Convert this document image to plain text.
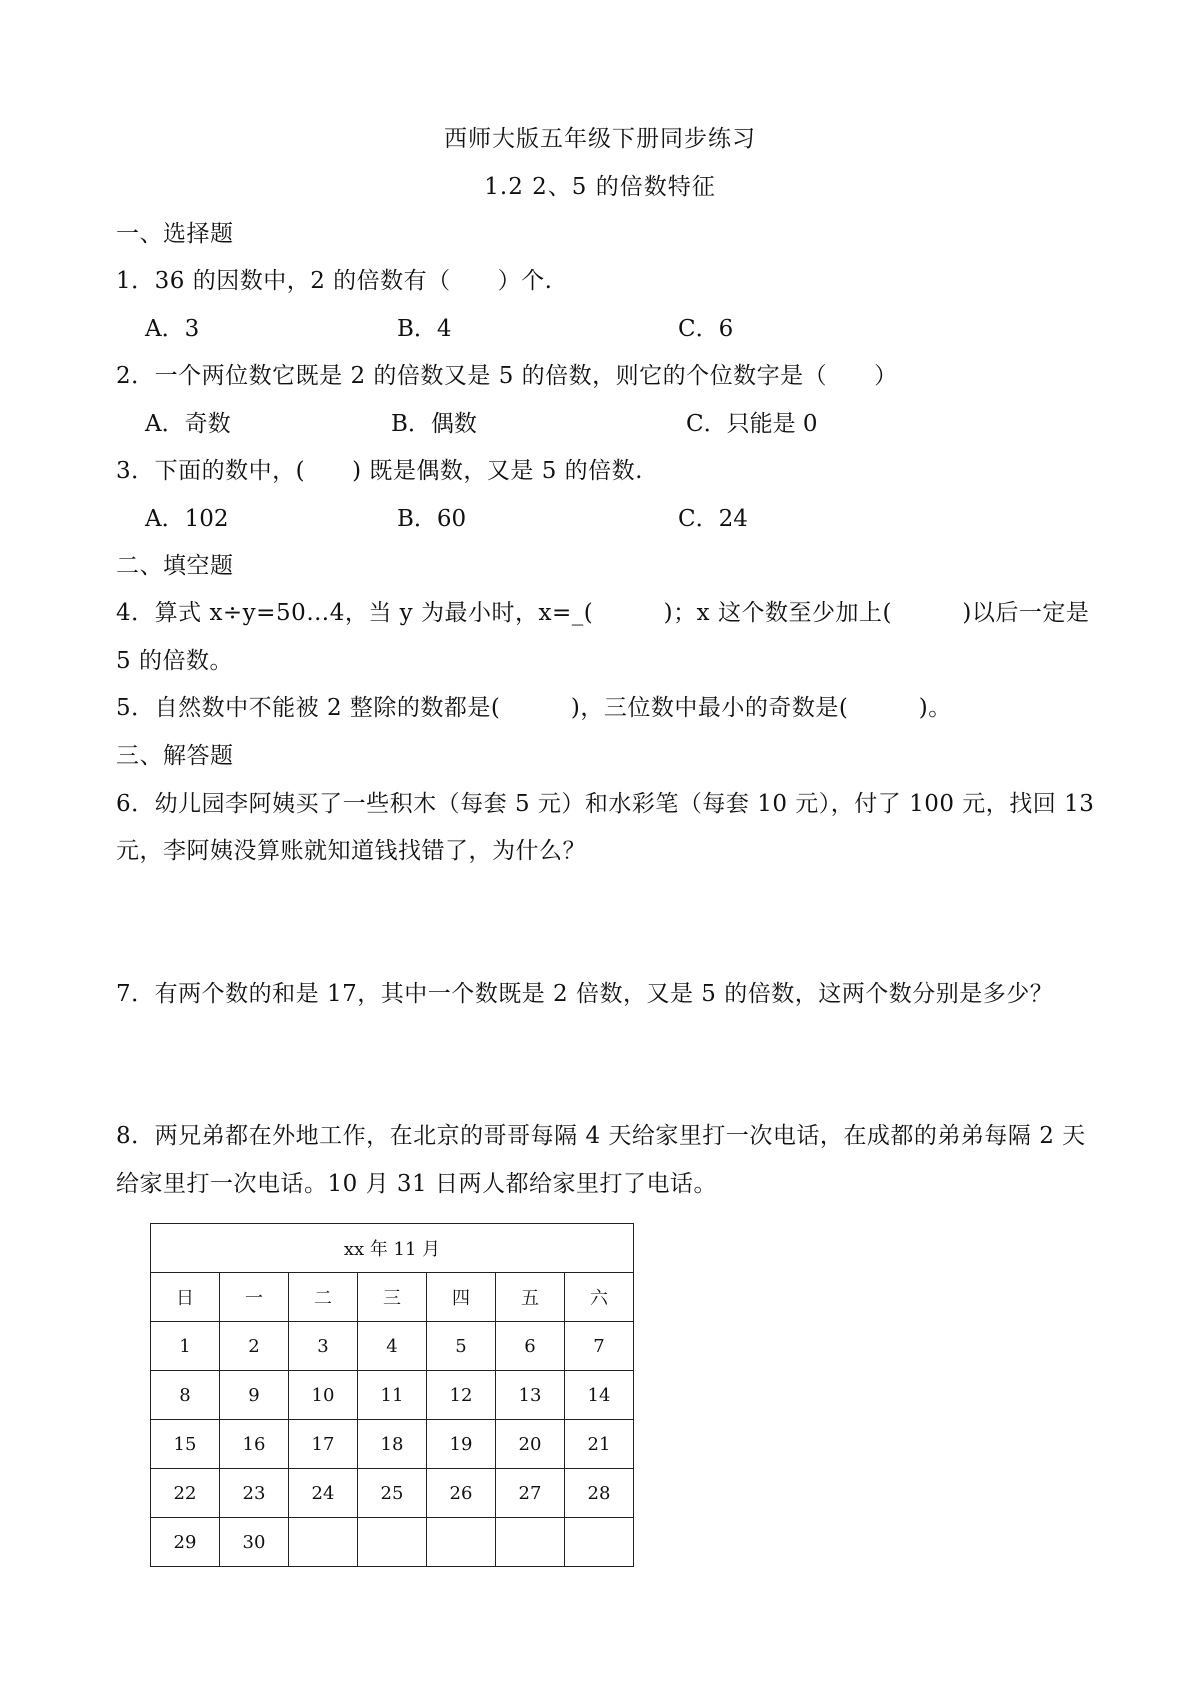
西师大版五年级下册同步练习
1.2 2、5 的倍数特征
一、选择题
1．36 的因数中，2 的倍数有（　　）个.
A．3	B．4	C．6
2．一个两位数它既是 2 的倍数又是 5 的倍数，则它的个位数字是（　　）
A．奇数	B．偶数	C．只能是 0
3．下面的数中，(　　) 既是偶数，又是 5 的倍数.
A．102	B．60	C．24
二、填空题
4．算式 x÷y=50…4，当 y 为最小时，x=_(　　　)；x 这个数至少加上(　　　)以后一定是
5 的倍数。
5．自然数中不能被 2 整除的数都是(　　　)，三位数中最小的奇数是(　　　)。
三、解答题
6．幼儿园李阿姨买了一些积木（每套 5 元）和水彩笔（每套 10 元），付了 100 元，找回 13
元，李阿姨没算账就知道钱找错了，为什么？
7．有两个数的和是 17，其中一个数既是 2 倍数，又是 5 的倍数，这两个数分别是多少？
8．两兄弟都在外地工作，在北京的哥哥每隔 4 天给家里打一次电话，在成都的弟弟每隔 2 天
给家里打一次电话。10 月 31 日两人都给家里打了电话。
xx 年 11 月						
日	一	二	三	四	五	六
1	2	3	4	5	6	7
8	9	10	11	12	13	14
15	16	17	18	19	20	21
22	23	24	25	26	27	28
29	30					
